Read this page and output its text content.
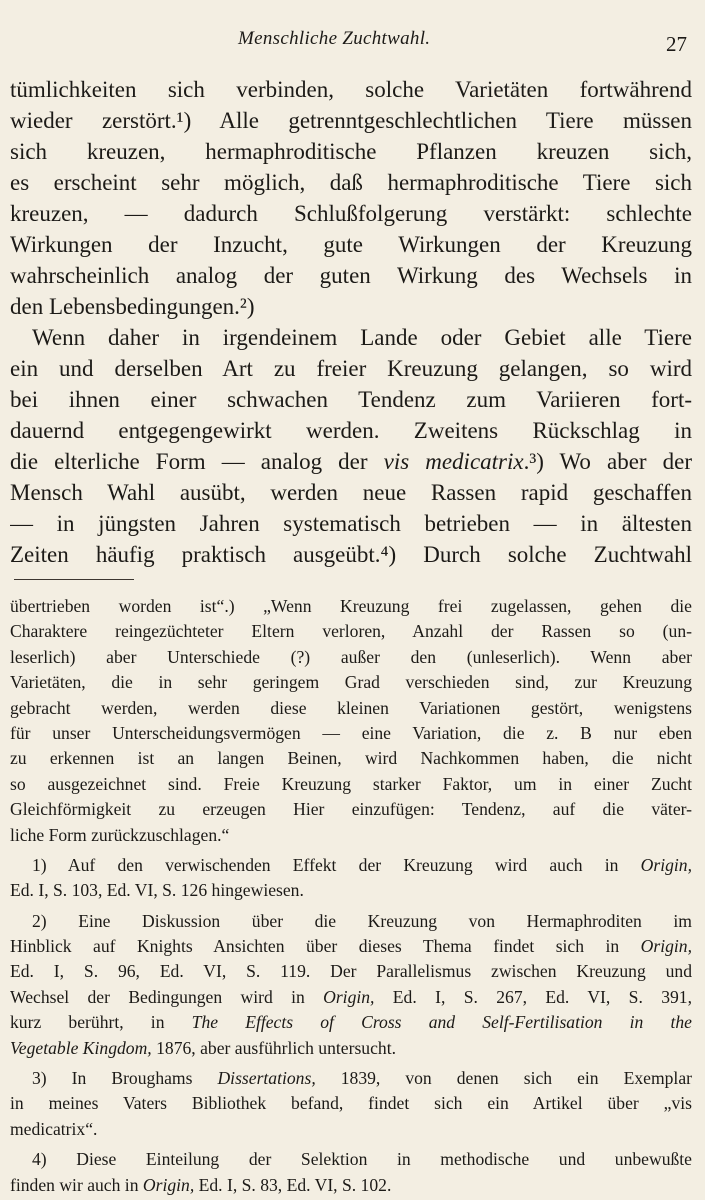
Menschliche Zuchtwahl.	27
tümlichkeiten sich verbinden, solche Varietäten fortwährend
wieder zerstört.¹) Alle getrenntgeschlechtlichen Tiere müssen
sich kreuzen, hermaphroditische Pflanzen kreuzen sich,
es erscheint sehr möglich, daß hermaphroditische Tiere sich
kreuzen, — dadurch Schlußfolgerung verstärkt: schlechte
Wirkungen der Inzucht, gute Wirkungen der Kreuzung
wahrscheinlich analog der guten Wirkung des Wechsels in
den Lebensbedingungen.²)
Wenn daher in irgendeinem Lande oder Gebiet alle Tiere
ein und derselben Art zu freier Kreuzung gelangen, so wird
bei ihnen einer schwachen Tendenz zum Variieren fort-
dauernd entgegengewirkt werden. Zweitens Rückschlag in
die elterliche Form — analog der vis medicatrix.³) Wo aber der
Mensch Wahl ausübt, werden neue Rassen rapid geschaffen
— in jüngsten Jahren systematisch betrieben — in ältesten
Zeiten häufig praktisch ausgeübt.⁴) Durch solche Zuchtwahl
übertrieben worden ist“.) „Wenn Kreuzung frei zugelassen, gehen die
Charaktere reingezüchteter Eltern verloren, Anzahl der Rassen so (un-
leserlich) aber Unterschiede (?) außer den (unleserlich). Wenn aber
Varietäten, die in sehr geringem Grad verschieden sind, zur Kreuzung
gebracht werden, werden diese kleinen Variationen gestört, wenigstens
für unser Unterscheidungsvermögen — eine Variation, die z. B nur eben
zu erkennen ist an langen Beinen, wird Nachkommen haben, die nicht
so ausgezeichnet sind. Freie Kreuzung starker Faktor, um in einer Zucht
Gleichförmigkeit zu erzeugen Hier einzufügen: Tendenz, auf die väter-
liche Form zurückzuschlagen.“
1) Auf den verwischenden Effekt der Kreuzung wird auch in Origin,
Ed. I, S. 103, Ed. VI, S. 126 hingewiesen.
2) Eine Diskussion über die Kreuzung von Hermaphroditen im
Hinblick auf Knights Ansichten über dieses Thema findet sich in Origin,
Ed. I, S. 96, Ed. VI, S. 119. Der Parallelismus zwischen Kreuzung und
Wechsel der Bedingungen wird in Origin, Ed. I, S. 267, Ed. VI, S. 391,
kurz berührt, in The Effects of Cross and Self-Fertilisation in the
Vegetable Kingdom, 1876, aber ausführlich untersucht.
3) In Broughams Dissertations, 1839, von denen sich ein Exemplar
in meines Vaters Bibliothek befand, findet sich ein Artikel über „vis
medicatrix“.
4) Diese Einteilung der Selektion in methodische und unbewußte
finden wir auch in Origin, Ed. I, S. 83, Ed. VI, S. 102.
